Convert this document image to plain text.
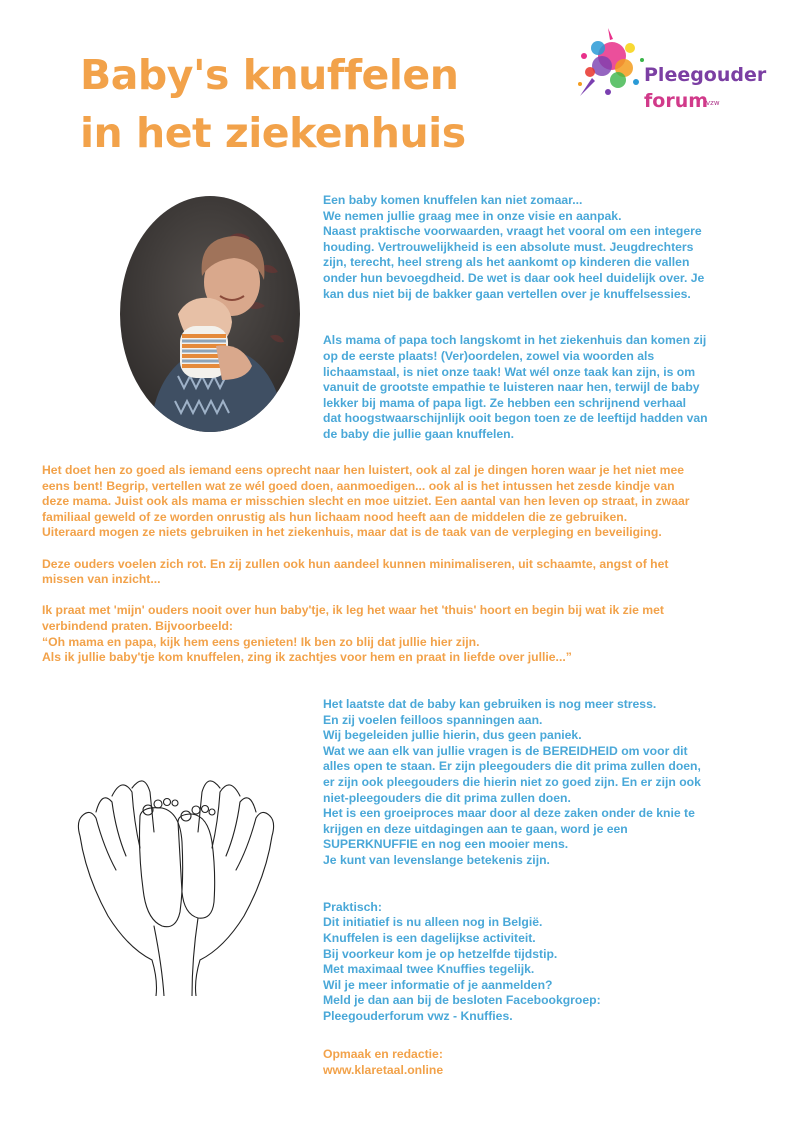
Baby's knuffelen
in het ziekenhuis
Pleegouder
forum
vzw

Een baby komen knuffelen kan niet zomaar...

We nemen jullie graag mee in onze visie en aanpak.

Naast praktische voorwaarden, vraagt het vooral om een integere

houding. Vertrouwelijkheid is een absolute must. Jeugdrechters

zijn, terecht, heel streng als het aankomt op kinderen die vallen

onder hun bevoegdheid. De wet is daar ook heel duidelijk over. Je

kan dus niet bij de bakker gaan vertellen over je knuffelsessies.

Als mama of papa toch langskomt in het ziekenhuis dan komen zij

op de eerste plaats! (Ver)oordelen, zowel via woorden als

lichaamstaal, is niet onze taak! Wat wél onze taak kan zijn, is om

vanuit de grootste empathie te luisteren naar hen, terwijl de baby

lekker bij mama of papa ligt. Ze hebben een schrijnend verhaal

dat hoogstwaarschijnlijk ooit begon toen ze de leeftijd hadden van

de baby die jullie gaan knuffelen.

Het doet hen zo goed als iemand eens oprecht naar hen luistert, ook al zal je dingen horen waar je het niet mee

eens bent! Begrip, vertellen wat ze wél goed doen, aanmoedigen... ook al is het intussen het zesde kindje van

deze mama. Juist ook als mama er misschien slecht en moe uitziet. Een aantal van hen leven op straat, in zwaar

familiaal geweld of ze worden onrustig als hun lichaam nood heeft aan de middelen die ze gebruiken.

Uiteraard mogen ze niets gebruiken in het ziekenhuis, maar dat is de taak van de verpleging en beveiliging.

Deze ouders voelen zich rot. En zij zullen ook hun aandeel kunnen minimaliseren, uit schaamte, angst of het

missen van inzicht...

Ik praat met 'mijn' ouders nooit over hun baby'tje, ik leg het waar het 'thuis' hoort en begin bij wat ik zie met

verbindend praten. Bijvoorbeeld:

“Oh mama en papa, kijk hem eens genieten! Ik ben zo blij dat jullie hier zijn.

Als ik jullie baby'tje kom knuffelen, zing ik zachtjes voor hem en praat in liefde over jullie...”

Het laatste dat de baby kan gebruiken is nog meer stress.

En zij voelen feilloos spanningen aan.

Wij begeleiden jullie hierin, dus geen paniek.

Wat we aan elk van jullie vragen is de BEREIDHEID om voor dit

alles open te staan. Er zijn pleegouders die dit prima zullen doen,

er zijn ook pleegouders die hierin niet zo goed zijn. En er zijn ook

niet-pleegouders die dit prima zullen doen.

Het is een groeiproces maar door al deze zaken onder de knie te

krijgen en deze uitdagingen aan te gaan, word je een

SUPERKNUFFIE en nog een mooier mens.

Je kunt van levenslange betekenis zijn.

Praktisch:

Dit initiatief is nu alleen nog in België.

Knuffelen is een dagelijkse activiteit.

Bij voorkeur kom je op hetzelfde tijdstip.

Met maximaal twee Knuffies tegelijk.

Wil je meer informatie of je aanmelden?

Meld je dan aan bij de besloten Facebookgroep:

Pleegouderforum vwz - Knuffies.

Opmaak en redactie:

www.klaretaal.online
